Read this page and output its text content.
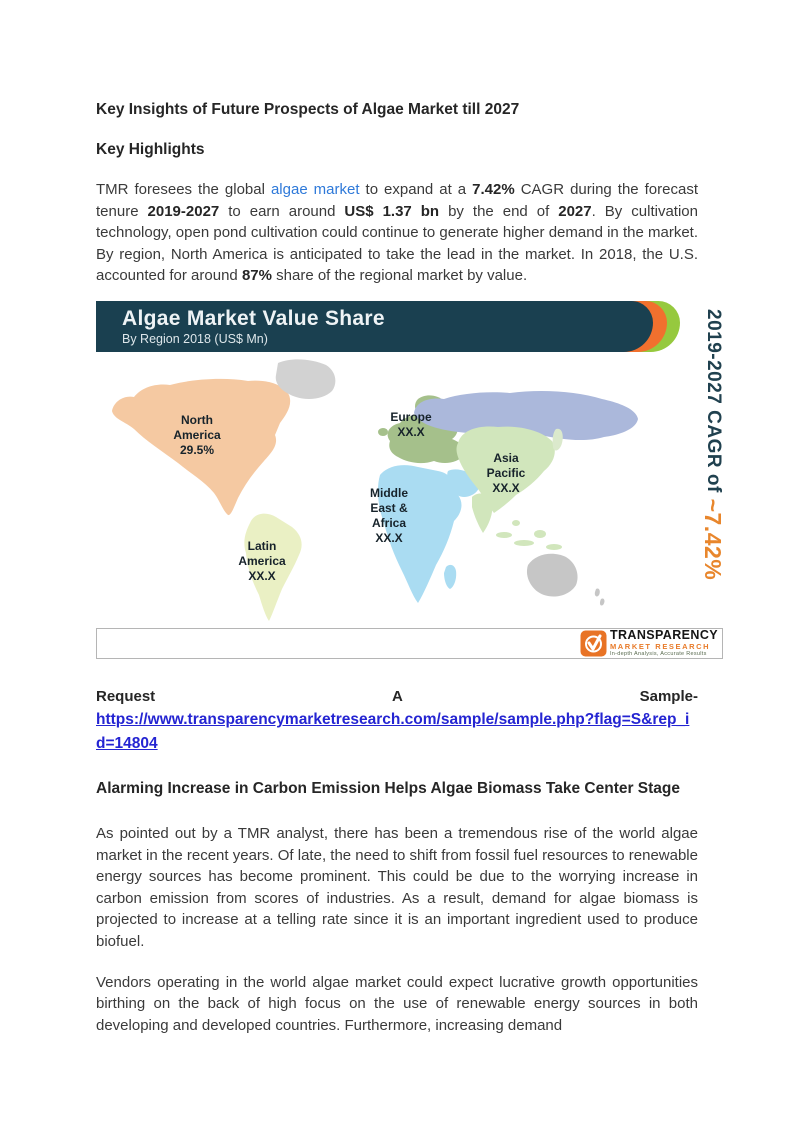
Key Insights of Future Prospects of Algae Market till 2027
Key Highlights

TMR foresees the global algae market to expand at a 7.42% CAGR during the forecast tenure 2019-2027 to earn around US$ 1.37 bn by the end of 2027. By cultivation technology, open pond cultivation could continue to generate higher demand in the market. By region, North America is anticipated to take the lead in the market. In 2018, the U.S. accounted for around 87% share of the regional market by value.

Algae Market Value Share
By Region 2018 (US$ Mn)	2019-2027 CAGR of ~7.42%
North America
29.5%
Latin America
XX.X
Europe
XX.X
Middle East & Africa
XX.X
Asia Pacific
XX.X
TRANSPARENCY
MARKET RESEARCH
In-depth Analysis, Accurate Results
Request	A	Sample-
https://www.transparencymarketresearch.com/sample/sample.php?flag=S&rep_id=14804
Alarming Increase in Carbon Emission Helps Algae Biomass Take Center Stage

As pointed out by a TMR analyst, there has been a tremendous rise of the world algae market in the recent years. Of late, the need to shift from fossil fuel resources to renewable energy sources has become prominent. This could be due to the worrying increase in carbon emission from scores of industries. As a result, demand for algae biomass is projected to increase at a telling rate since it is an important ingredient used to produce biofuel.

Vendors operating in the world algae market could expect lucrative growth opportunities birthing on the back of high focus on the use of renewable energy sources in both developing and developed countries. Furthermore, increasing demand
